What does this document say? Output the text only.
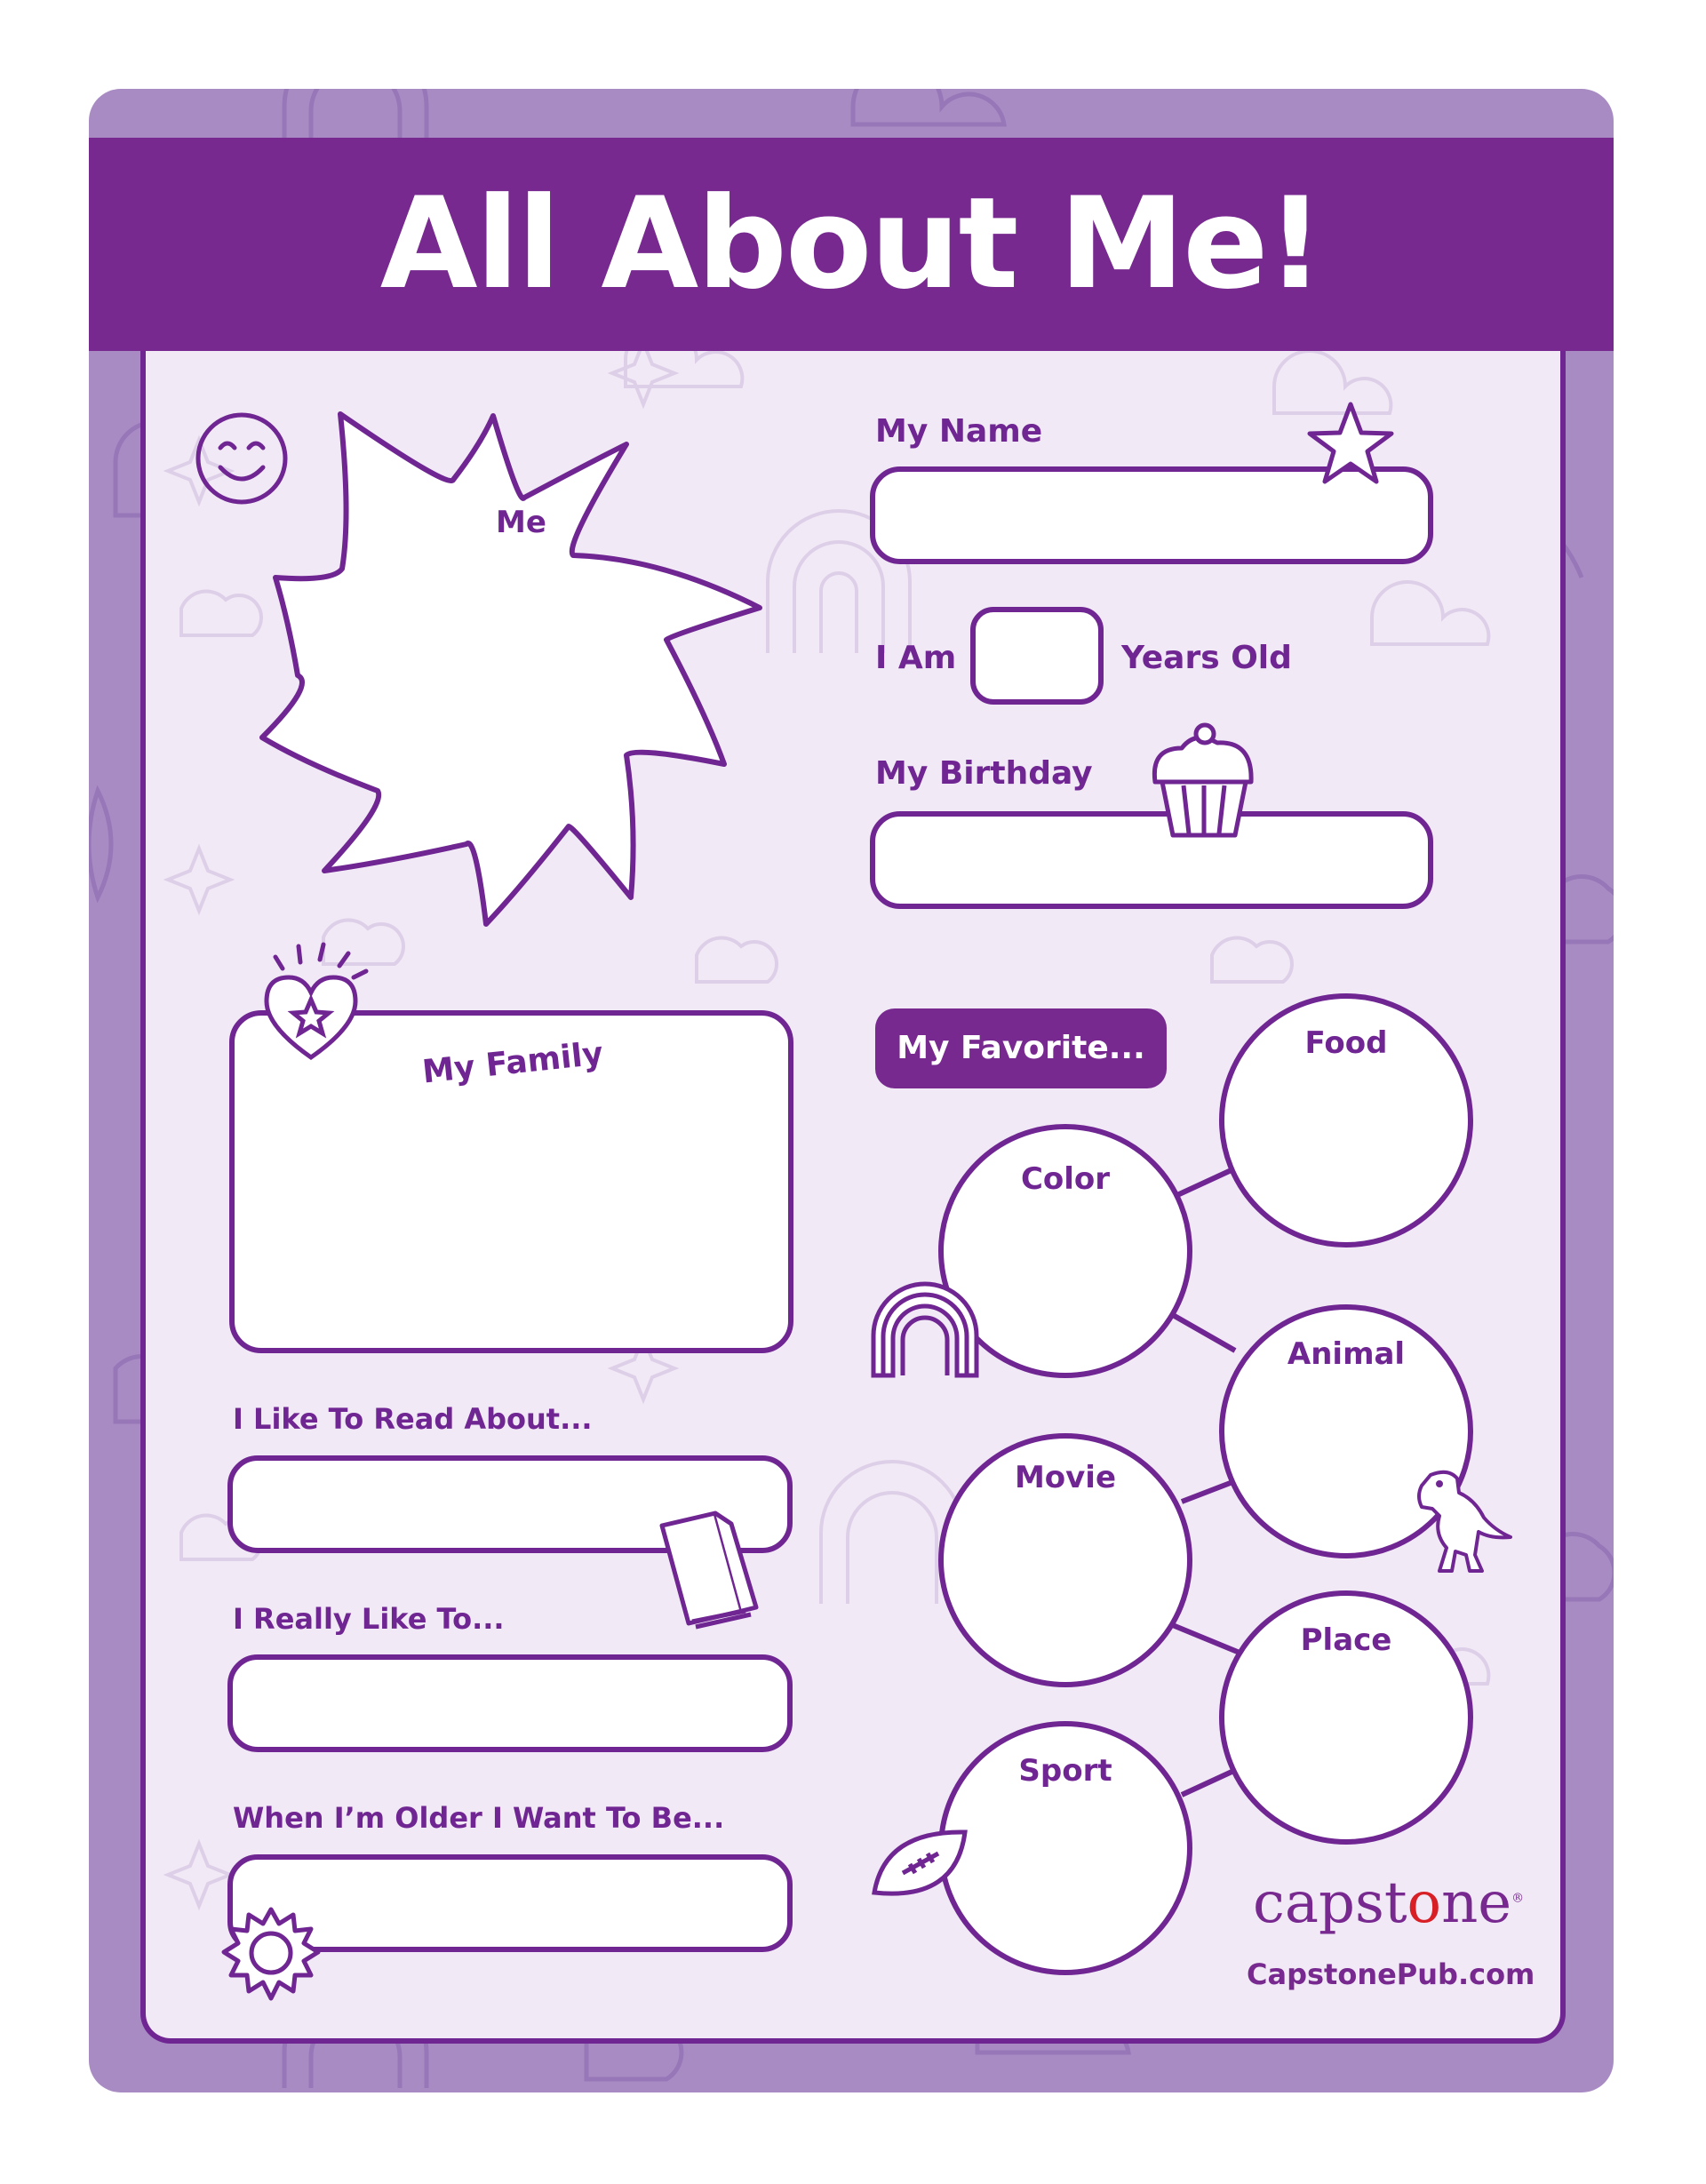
All About Me!
Me
My Name
I Am	Years Old
My Birthday
My Family
I Like To Read About...
I Really Like To...
When I’m Older I Want To Be...
My Favorite...	Food
Color
Animal
Movie
Place
Sport
capstone®
CapstonePub.com
